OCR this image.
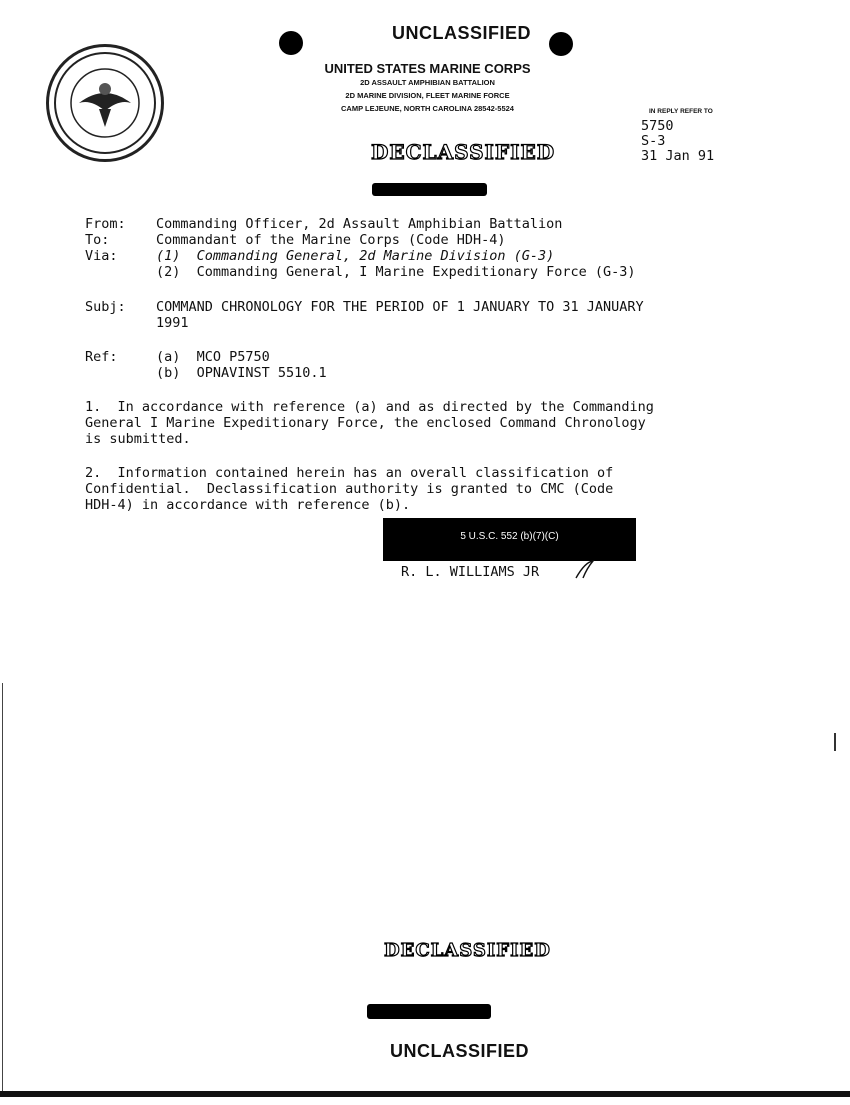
UNCLASSIFIED
UNITED STATES MARINE CORPS
2D ASSAULT AMPHIBIAN BATTALION
2D MARINE DIVISION, FLEET MARINE FORCE
CAMP LEJEUNE, NORTH CAROLINA 28542-5524	IN REPLY REFER TO
5750
S-3
31 Jan 91
DECLASSIFIED
From: Commanding Officer, 2d Assault Amphibian Battalion
To:	Commandant of the Marine Corps (Code HDH-4)
Via:	(1)  Commanding General, 2d Marine Division (G-3)
(2)  Commanding General, I Marine Expeditionary Force (G-3)
Subj: COMMAND CHRONOLOGY FOR THE PERIOD OF 1 JANUARY TO 31 JANUARY
1991
Ref:	(a)  MCO P5750
(b)  OPNAVINST 5510.1
1.  In accordance with reference (a) and as directed by the Commanding
General I Marine Expeditionary Force, the enclosed Command Chronology
is submitted.
2.  Information contained herein has an overall classification of
Confidential.  Declassification authority is granted to CMC (Code
HDH-4) in accordance with reference (b).
5 U.S.C. 552 (b)(7)(C)
R. L. WILLIAMS JR
DECLASSIFIED
UNCLASSIFIED
